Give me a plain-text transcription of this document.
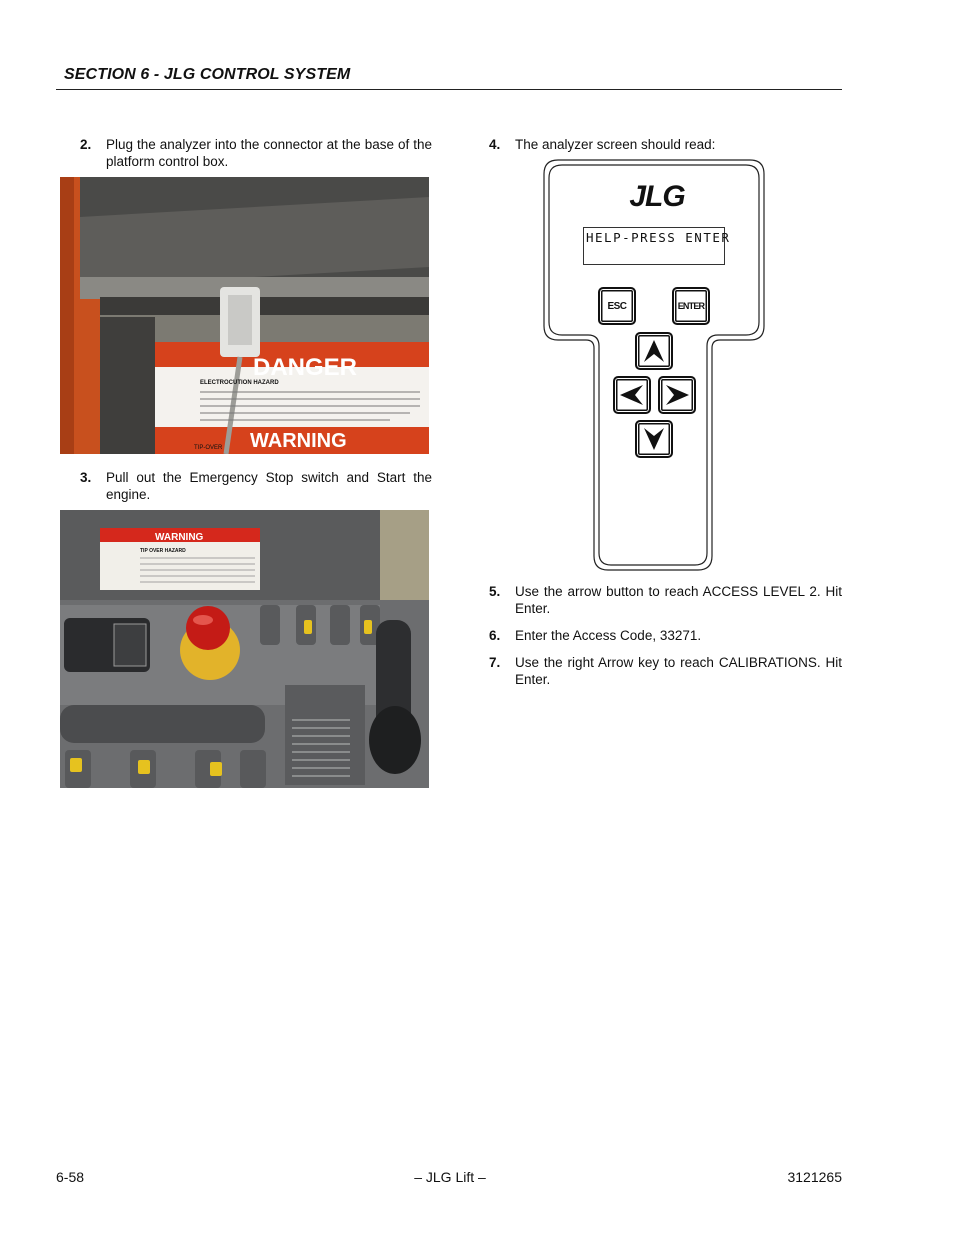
SECTION 6 - JLG CONTROL SYSTEM
2. Plug the analyzer into the connector at the base of the platform control box.
DANGER
ELECTROCUTION HAZARD
WARNING
TIP-OVER
3. Pull out the Emergency Stop switch and Start the engine.
WARNING
TIP OVER HAZARD
4. The analyzer screen should read:
JLG
HELP-PRESS ENTER
ESC	ENTER
5. Use the arrow button to reach ACCESS LEVEL 2. Hit Enter.
6. Enter the Access Code, 33271.
7. Use the right Arrow key to reach CALIBRATIONS. Hit Enter.
6-58	– JLG Lift –	3121265
